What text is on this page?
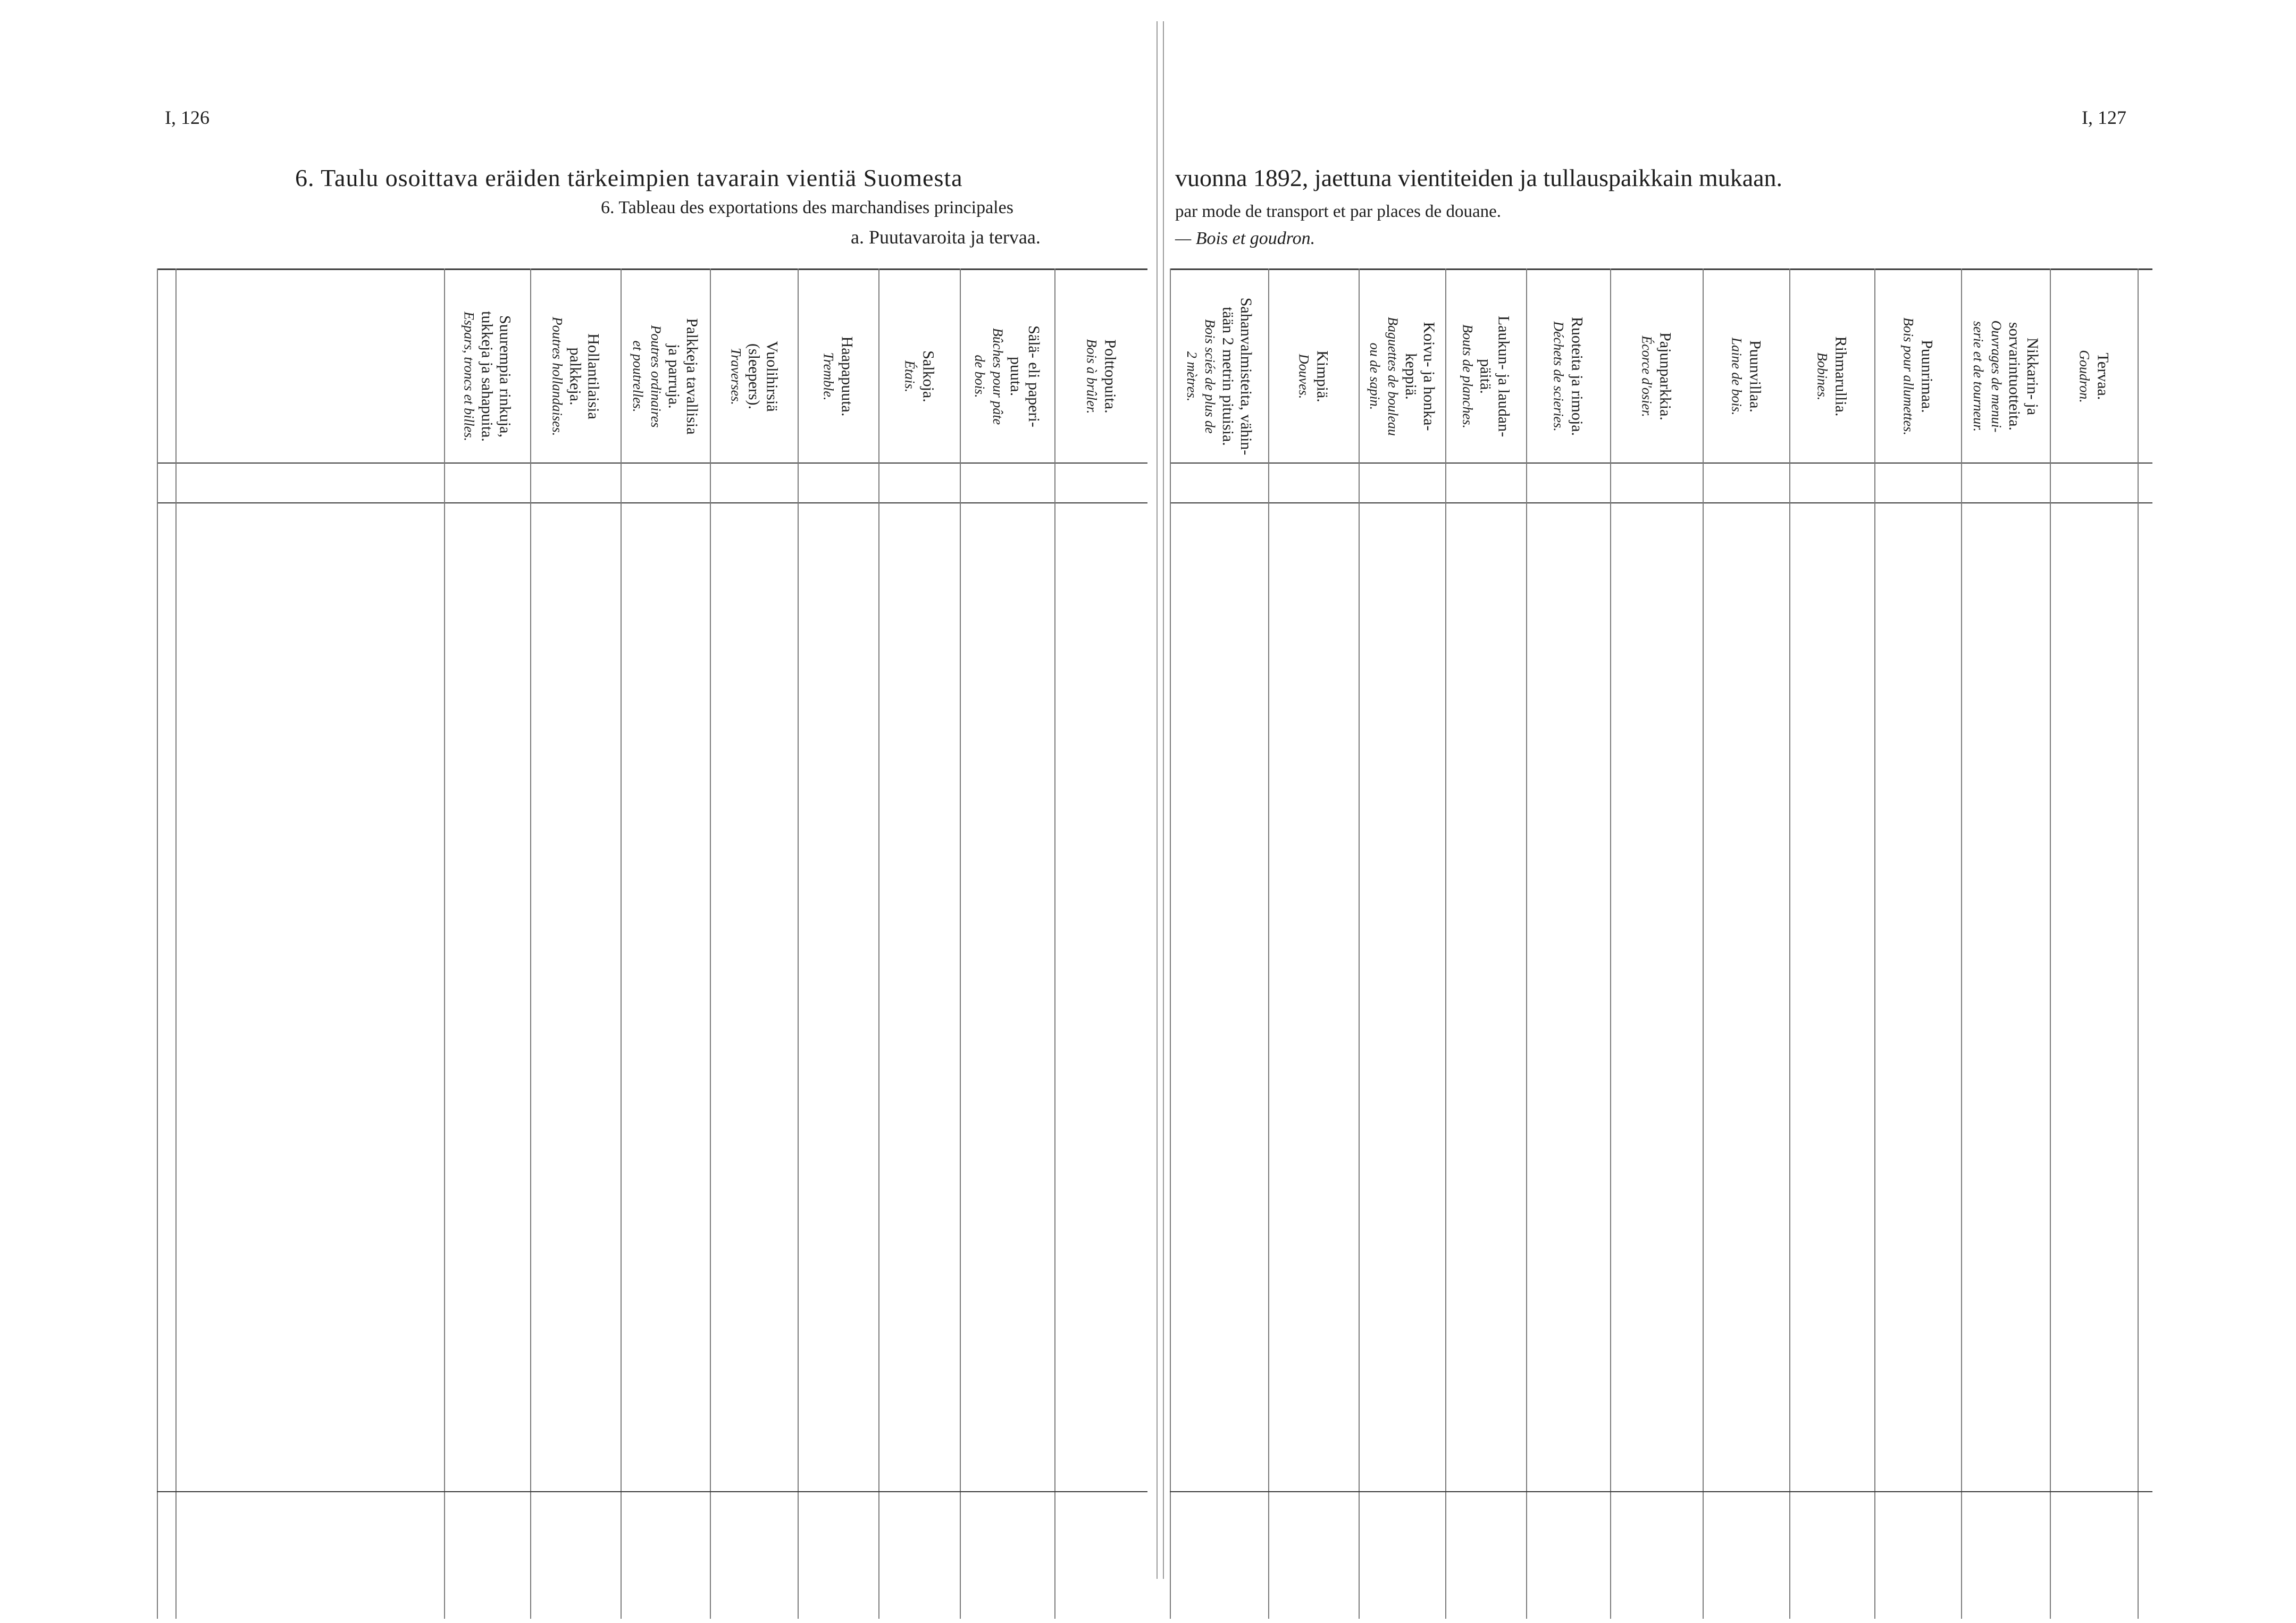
Suurempia rinkuja,
tukkeja ja sahapuita.
Espars, troncs et billes.	Hollantilaisia
palkkeja.
Poutres hollandaises.	Palkkeja tavallisia
ja parruja.
Poutres ordinaires
et poutrelles.	Vuolihirsiä
(sleepers).
Traverses.	Haapapuuta.
Tremble.	Salkoja.
Étais.
Sälä- eli paperi-
puuta.
Bûches pour pâte
de bois.	Polttopuita.
Bois à brûler.	Sahanvalmisteita, vähin-
tään 2 metrin pituisia.
Bois sciés de plus de
2 mètres.	Kimpiä.
Douves.
Koivu- ja honka-
keppiä.
Baguettes de bouleau
ou de sapin.
Laukun- ja laudan-
päitä.
Bouts de planches.	Ruoteita ja rimoja.
Déchets de scieries.	Pajunparkkia.
Écorce d'osier.	Puunvillaa.
Laine de bois.	Rihmarullia.
Bobines.	Puunrimaa.
Bois pour allumettes.	Nikkarin- ja
sorvarintuotteita.
Ouvrages de menui-
serie et de tourneur.
Tervaa.
Goudron.
I, 126	I, 127
6. Taulu osoittava eräiden tärkeimpien tavarain vientiä Suomesta	vuonna 1892, jaettuna vientiteiden ja tullauspaikkain mukaan.
6. Tableau des exportations des marchandises principales	par mode de transport et par places de douane.
a. Puutavaroita ja tervaa.	— Bois et goudron.
